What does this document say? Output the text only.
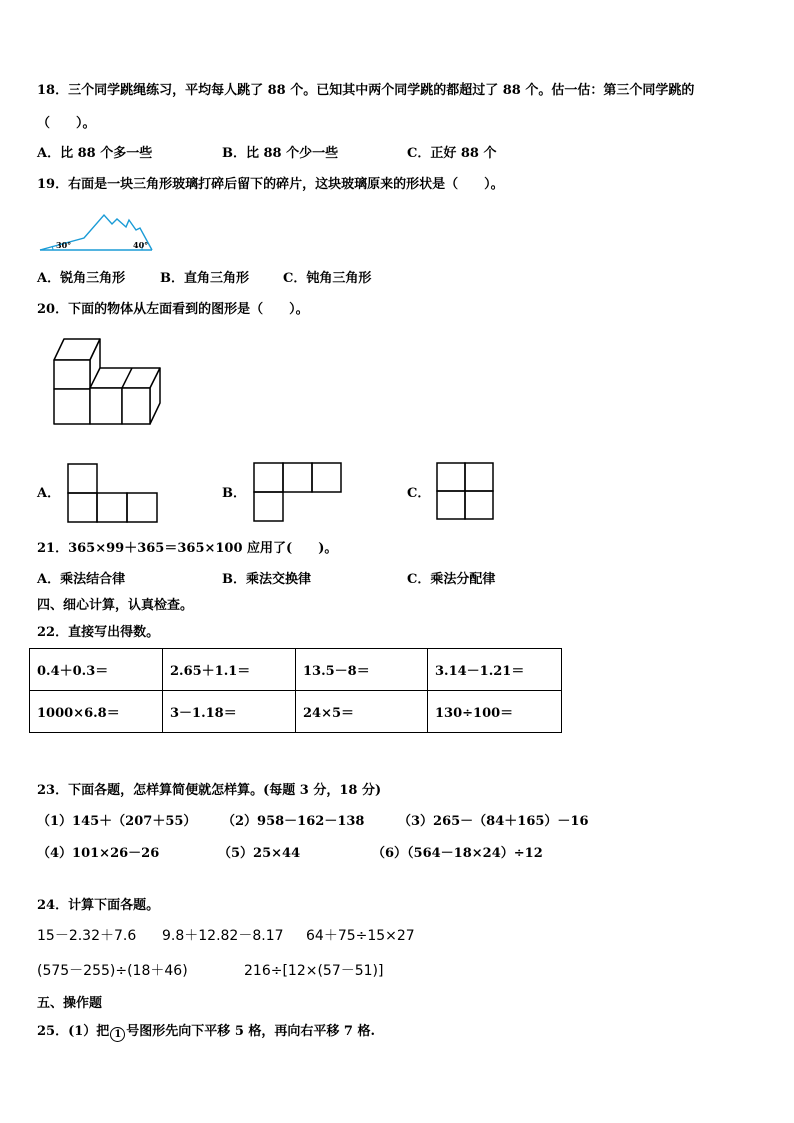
18．三个同学跳绳练习，平均每人跳了 88 个。已知其中两个同学跳的都超过了 88 个。估一估：第三个同学跳的
（　　）。
A．比 88 个多一些	B．比 88 个少一些	C．正好 88 个
19．右面是一块三角形玻璃打碎后留下的碎片，这块玻璃原来的形状是（　　）。
30°	40°
A．锐角三角形	B．直角三角形	C．钝角三角形
20．下面的物体从左面看到的图形是（　　）。
A．	B．	C．
21．365×99＋365＝365×100 应用了(　　)。
A．乘法结合律	B．乘法交换律	C．乘法分配律
四、细心计算，认真检查。
22．直接写出得数。
0.4＋0.3＝	2.65＋1.1＝	13.5－8＝	3.14－1.21＝
1000×6.8＝	3－1.18＝	24×5＝	130÷100＝
23．下面各题，怎样算简便就怎样算。(每题 3 分，18 分)
（1）145＋（207＋55） （2）958－162－138	（3）265－（84＋165）－16
（4）101×26－26	（5）25×44	（6）（564－18×24）÷12
24．计算下面各题。
15－2.32＋7.6 9.8＋12.82－8.17 64＋75÷15×27
(575－255)÷(18＋46)	216÷[12×(57－51)]
五、操作题
25．(1）把 1 号图形先向下平移 5 格，再向右平移 7 格.
